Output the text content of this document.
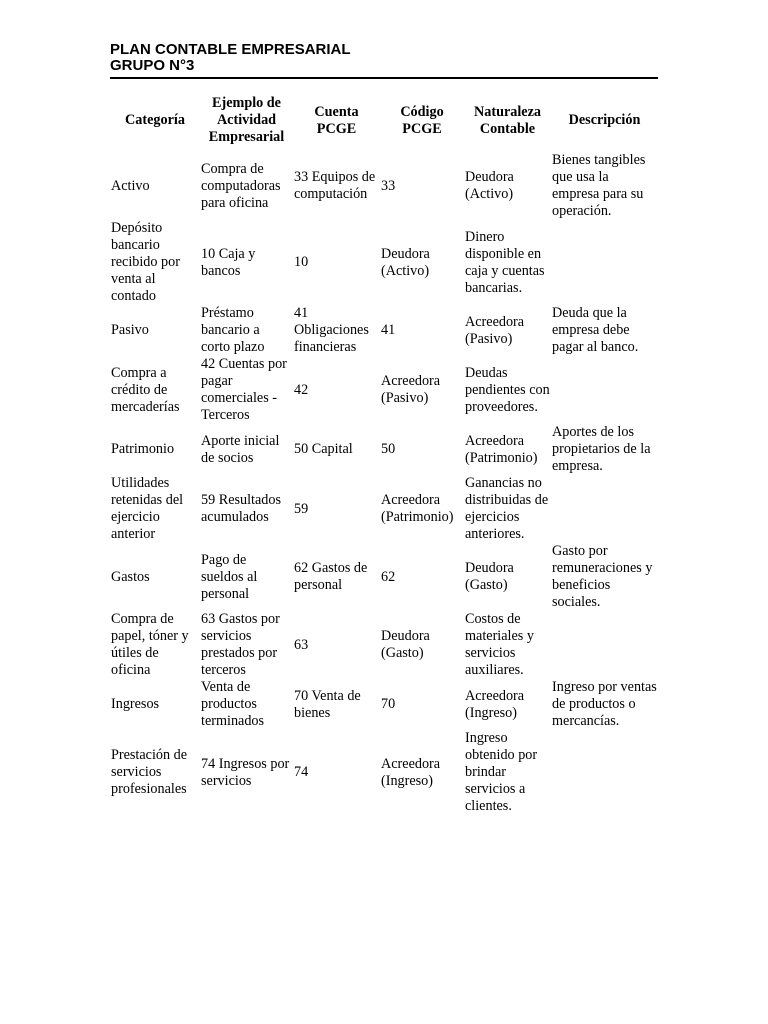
PLAN CONTABLE EMPRESARIAL

GRUPO N°3

Categoría	Ejemplo de Actividad Empresarial	Cuenta PCGE	Código PCGE	Naturaleza Contable	Descripción
Activo	Compra de computadoras para oficina	33 Equipos de computación	33	Deudora (Activo)	Bienes tangibles que usa la empresa para su operación.
Depósito bancario recibido por venta al contado	10 Caja y bancos	10	Deudora (Activo)	Dinero disponible en caja y cuentas bancarias.	
Pasivo	Préstamo bancario a corto plazo	41 Obligaciones financieras	41	Acreedora (Pasivo)	Deuda que la empresa debe pagar al banco.
Compra a crédito de mercaderías	42 Cuentas por pagar comerciales - Terceros	42	Acreedora (Pasivo)	Deudas pendientes con proveedores.	
Patrimonio	Aporte inicial de socios	50 Capital	50	Acreedora (Patrimonio)	Aportes de los propietarios de la empresa.
Utilidades retenidas del ejercicio anterior	59 Resultados acumulados	59	Acreedora (Patrimonio)	Ganancias no distribuidas de ejercicios anteriores.	
Gastos	Pago de sueldos al personal	62 Gastos de personal	62	Deudora (Gasto)	Gasto por remuneraciones y beneficios sociales.
Compra de papel, tóner y útiles de oficina	63 Gastos por servicios prestados por terceros	63	Deudora (Gasto)	Costos de materiales y servicios auxiliares.	
Ingresos	Venta de productos terminados	70 Venta de bienes	70	Acreedora (Ingreso)	Ingreso por ventas de productos o mercancías.
Prestación de servicios profesionales	74 Ingresos por servicios	74	Acreedora (Ingreso)	Ingreso obtenido por brindar servicios a clientes.	
